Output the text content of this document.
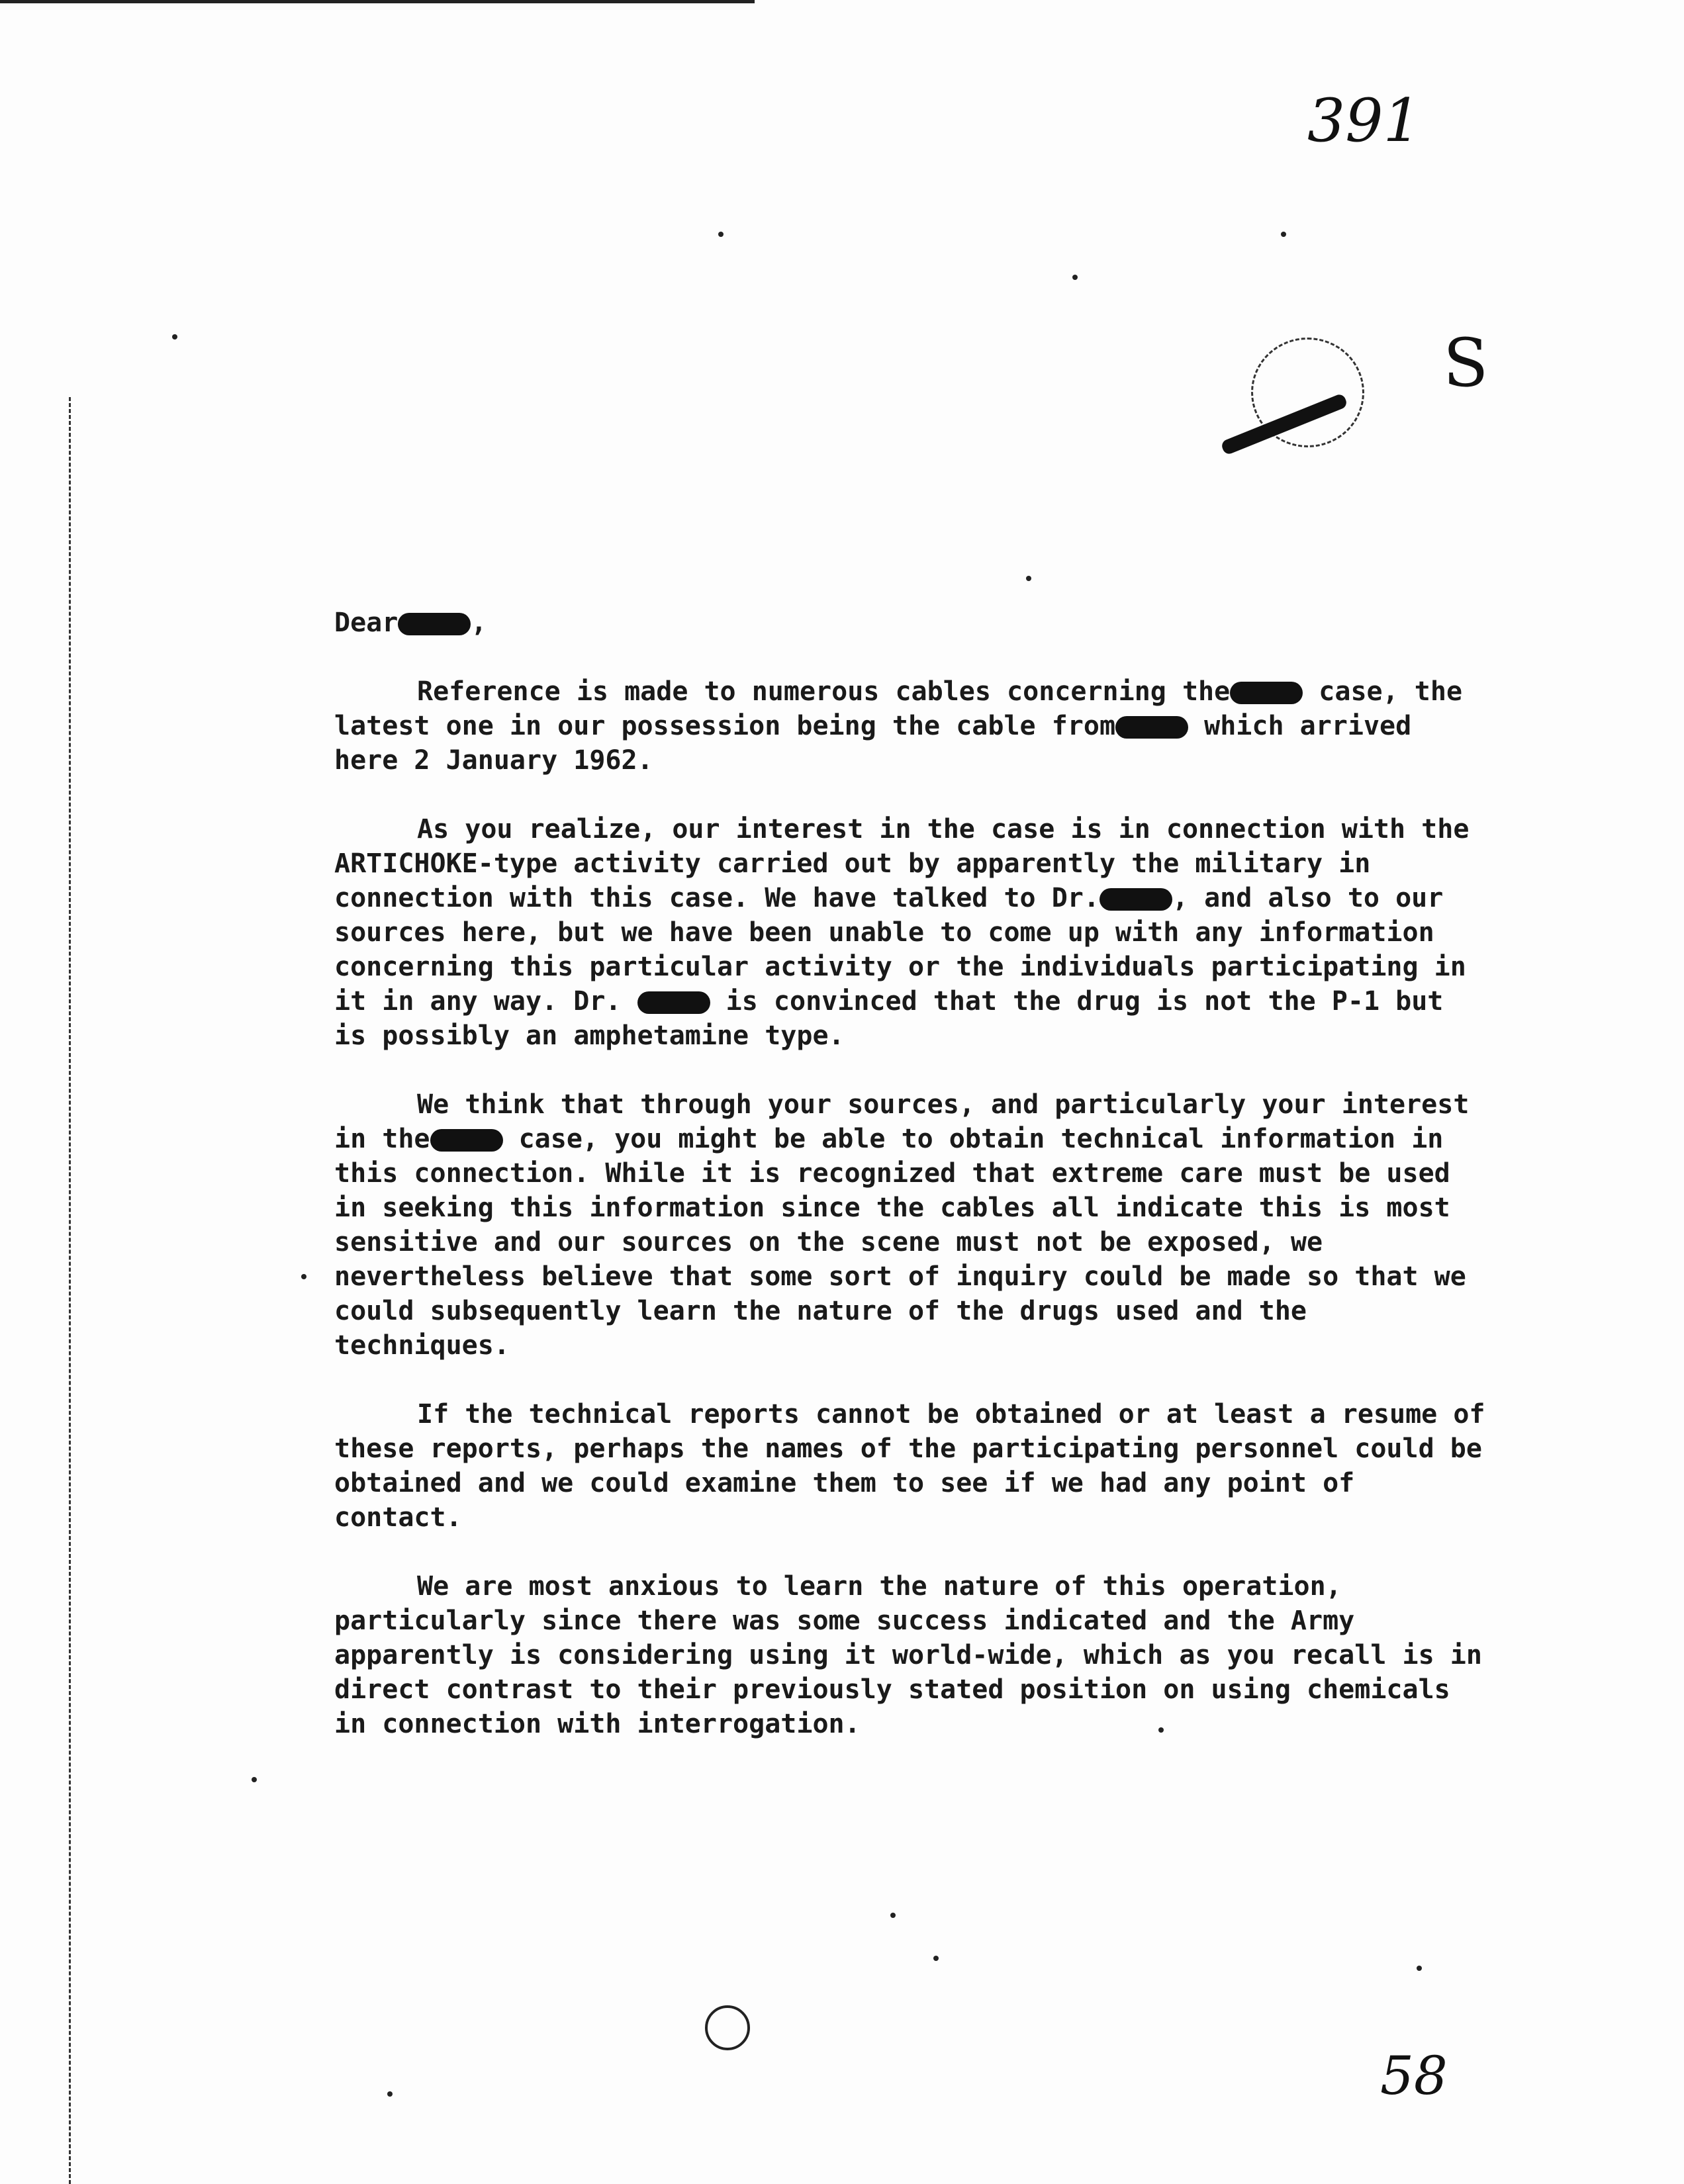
391
S

Dear	,

Reference is made to numerous cables concerning the	case, the latest one in our possession being the cable from	which arrived here 2 January 1962.

As you realize, our interest in the case is in connection with the ARTICHOKE-type activity carried out by apparently the military in connection with this case. We have talked to Dr.	, and also to our sources here, but we have been unable to come up with any information concerning this particular activity or the individuals participating in it in any way. Dr.	is convinced that the drug is not the P-1 but is possibly an amphetamine type.

We think that through your sources, and particularly your interest in the	case, you might be able to obtain technical information in this connection. While it is recognized that extreme care must be used in seeking this information since the cables all indicate this is most sensitive and our sources on the scene must not be exposed, we nevertheless believe that some sort of inquiry could be made so that we could subsequently learn the nature of the drugs used and the techniques.

If the technical reports cannot be obtained or at least a resume of these reports, perhaps the names of the participating personnel could be obtained and we could examine them to see if we had any point of contact.

We are most anxious to learn the nature of this operation, particularly since there was some success indicated and the Army apparently is considering using it world-wide, which as you recall is in direct contrast to their previously stated position on using chemicals in connection with interrogation.

58
